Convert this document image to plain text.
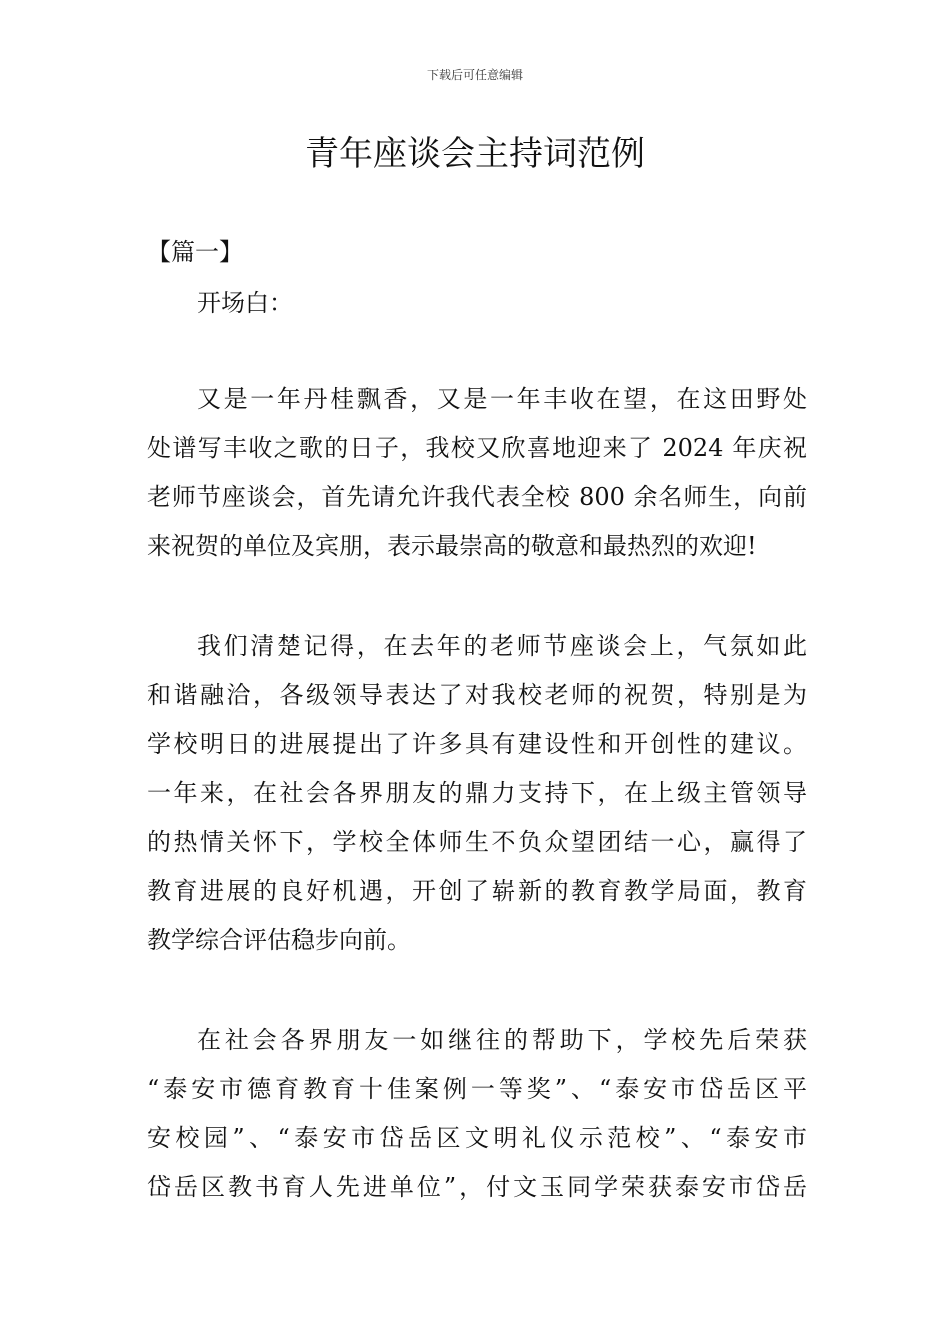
下载后可任意编辑
青年座谈会主持词范例
【篇一】
开场白：
又是一年丹桂飘香，又是一年丰收在望，在这田野处
处谱写丰收之歌的日子，我校又欣喜地迎来了 2024 年庆祝
老师节座谈会，首先请允许我代表全校 800 余名师生，向前
来祝贺的单位及宾朋，表示最崇高的敬意和最热烈的欢迎!
我们清楚记得，在去年的老师节座谈会上，气氛如此
和谐融洽，各级领导表达了对我校老师的祝贺，特别是为
学校明日的进展提出了许多具有建设性和开创性的建议。
一年来，在社会各界朋友的鼎力支持下，在上级主管领导
的热情关怀下，学校全体师生不负众望团结一心，赢得了
教育进展的良好机遇，开创了崭新的教育教学局面，教育
教学综合评估稳步向前。
在社会各界朋友一如继往的帮助下，学校先后荣获
“泰安市德育教育十佳案例一等奖”、“泰安市岱岳区平
安校园”、“泰安市岱岳区文明礼仪示范校”、“泰安市
岱岳区教书育人先进单位”，付文玉同学荣获泰安市岱岳
